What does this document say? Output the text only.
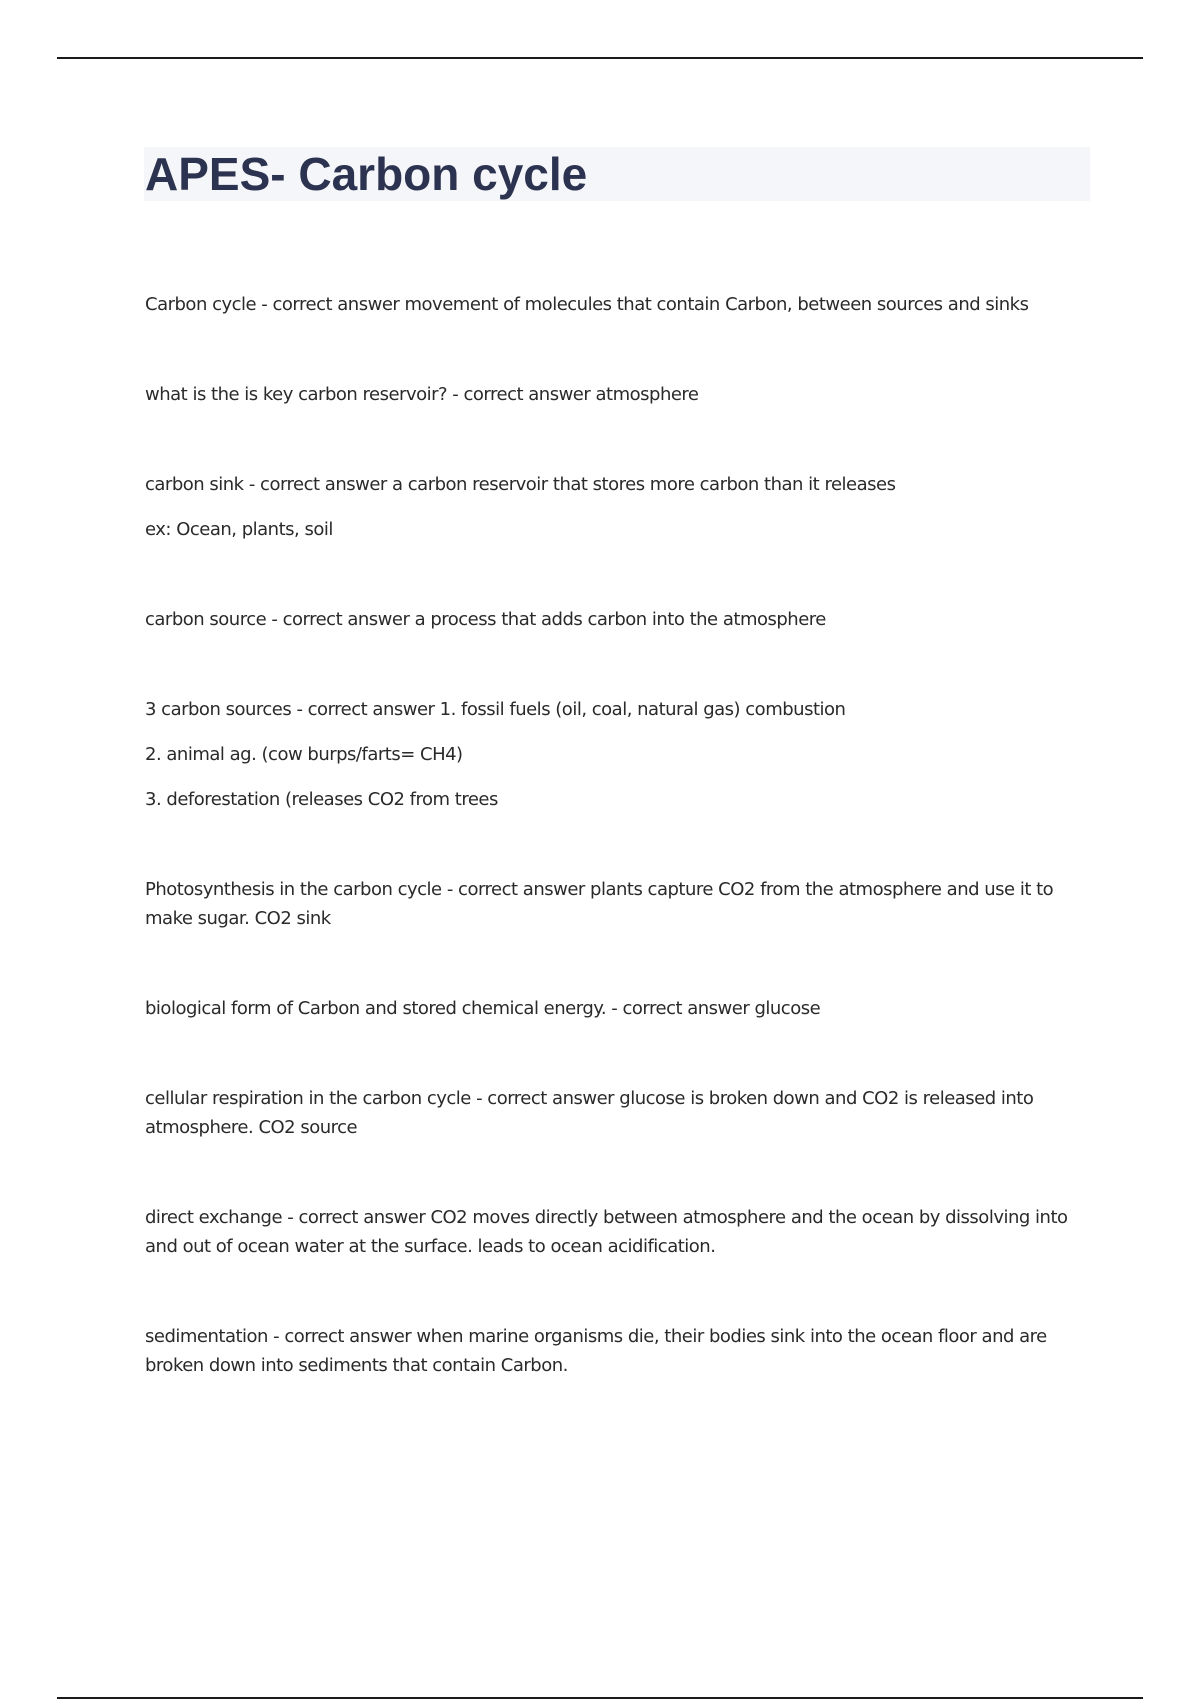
APES- Carbon cycle

Carbon cycle - correct answer movement of molecules that contain Carbon, between sources and sinks

what is the is key carbon reservoir? - correct answer atmosphere

carbon sink - correct answer a carbon reservoir that stores more carbon than it releases

ex: Ocean, plants, soil

carbon source - correct answer a process that adds carbon into the atmosphere

3 carbon sources - correct answer 1. fossil fuels (oil, coal, natural gas) combustion

2. animal ag. (cow burps/farts= CH4)

3. deforestation (releases CO2 from trees

Photosynthesis in the carbon cycle - correct answer plants capture CO2 from the atmosphere and use it to make sugar. CO2 sink

biological form of Carbon and stored chemical energy. - correct answer glucose

cellular respiration in the carbon cycle - correct answer glucose is broken down and CO2 is released into atmosphere. CO2 source

direct exchange - correct answer CO2 moves directly between atmosphere and the ocean by dissolving into and out of ocean water at the surface. leads to ocean acidification.

sedimentation - correct answer when marine organisms die, their bodies sink into the ocean floor and are broken down into sediments that contain Carbon.
